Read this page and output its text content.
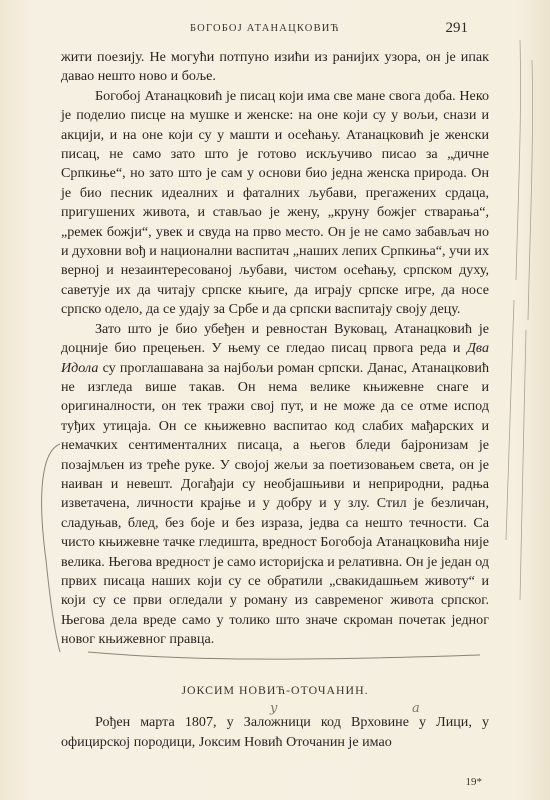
БОГОБОЈ АТАНАЦКОВИЋ	291

жити поезију. Не могући потпуно изићи из ранијих узора, он је ипак давао нешто ново и боље.

Богобој Атанацковић је писац који има све мане свога доба. Нeко је поделио писце на мушке и женске: на оне који су у вољи, снази и акцији, и на оне који су у машти и осећању. Атанацковић је женски писац, не само зато што је готово искључиво писао за „дичне Српкиње“, но зато што је сам у основи био једна женска природа. Он је био песник идеалних и фаталних љубави, прегажених срдаца, пригушених живота, и стављао је жену, „круну божјег стварања“, „ремек божји“, увек и свуда на прво место. Он је не само забављач но и духовни вођ и национални васпитач „наших лепих Српкиња“, учи их верној и незаинтересованој љубави, чистом осећању, српском духу, саветује их да читају српске књиге, да играју српске игре, да носе српско одело, да се удају за Србе и да српски васпитају своју децу.

Зато што је био убеђен и ревностан Вуковац, Атанацковић је доцније био прецењен. У њему се гледао писац првога реда и Два Идола су проглашавана за најбољи роман српски. Данас, Атанацковић не изгледа више такав. Он нема велике књижевне снаге и оригиналности, он тек тражи свој пут, и не може да се отме испод туђих утицаја. Он се књижевно васпитао код слабих мађарских и немачких сентименталних писаца, а његов бледи бајронизам је позајмљен из треће руке. У својој жељи за поетизовањем света, он је наиван и невешт. Догађаји су необјашњиви и неприродни, радња изветачена, личности крајње и у добру и у злу. Стил је безличан, сладуњав, блед, без боје и без израза, једва са нешто течности. Са чисто књижевне тачке гледишта, вредност Богобоја Атанацковића није велика. Његова вредност је само историјска и релативна. Он је један од првих писаца наших који су се обратили „свакидашњем животу“ и који су се први огледали у роману из савременог живота српског. Његова дела вреде само у толико што значе скроман почетак једног новог књижевног правца.

ЈОКСИМ НОВИЋ-ОТОЧАНИН.

Рођен марта 1807, у Заложници код Врховине у Лици, у официрској породици, Јоксим Новић Оточанин је имао

19*
у	а
